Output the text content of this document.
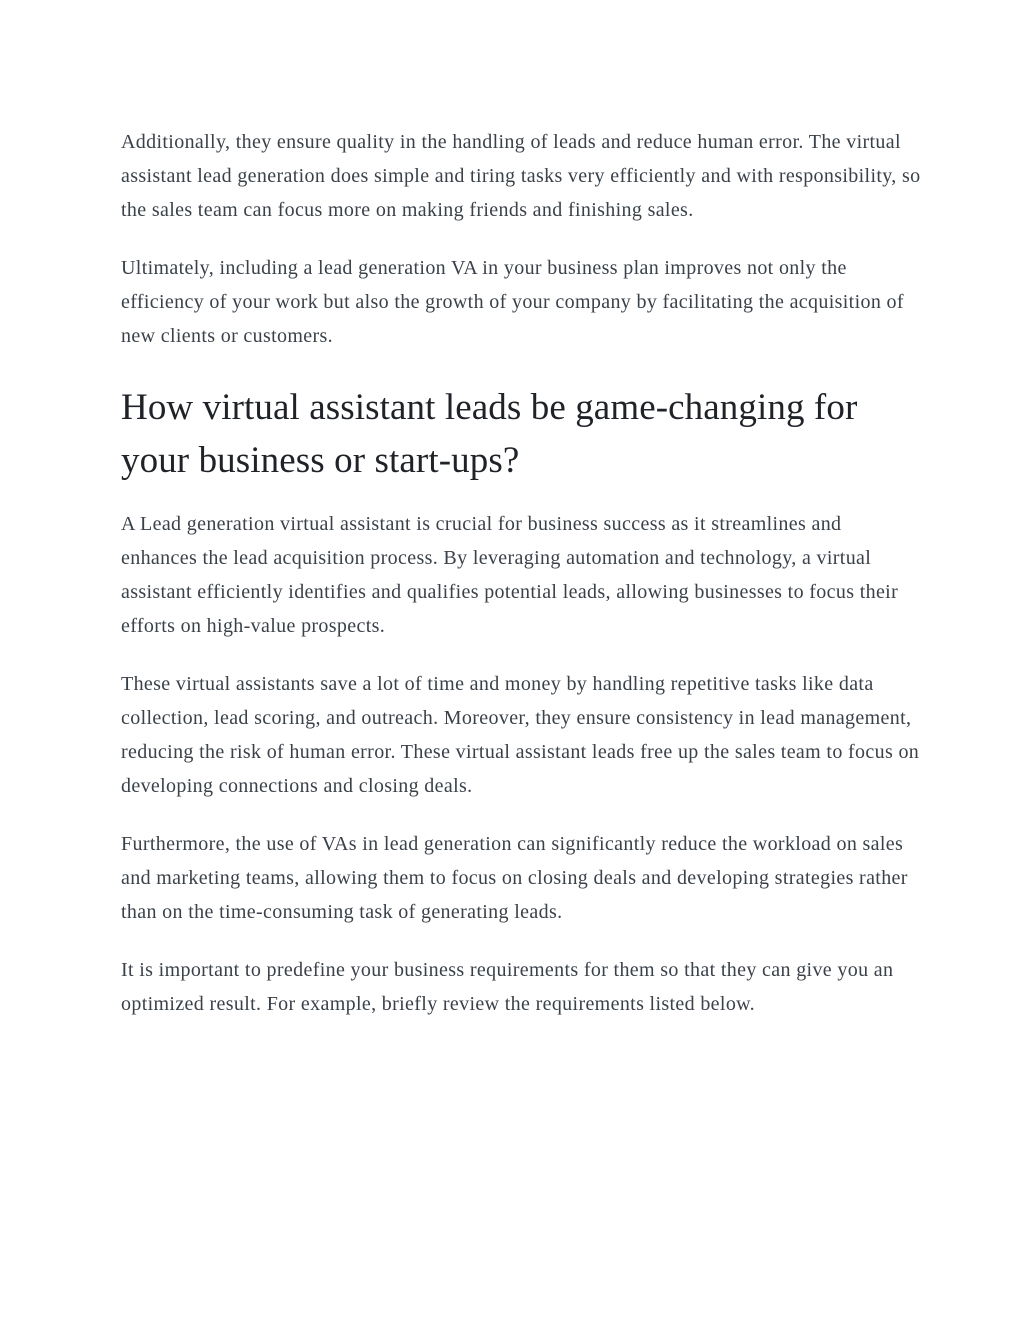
Additionally, they ensure quality in the handling of leads and reduce human error. The virtual assistant lead generation does simple and tiring tasks very efficiently and with responsibility, so the sales team can focus more on making friends and finishing sales.

Ultimately, including a lead generation VA in your business plan improves not only the efficiency of your work but also the growth of your company by facilitating the acquisition of new clients or customers.

How virtual assistant leads be game-changing for your business or start-ups?

A Lead generation virtual assistant is crucial for business success as it streamlines and enhances the lead acquisition process. By leveraging automation and technology, a virtual assistant efficiently identifies and qualifies potential leads, allowing businesses to focus their efforts on high-value prospects.

These virtual assistants save a lot of time and money by handling repetitive tasks like data collection, lead scoring, and outreach. Moreover, they ensure consistency in lead management, reducing the risk of human error. These virtual assistant leads free up the sales team to focus on developing connections and closing deals.

Furthermore, the use of VAs in lead generation can significantly reduce the workload on sales and marketing teams, allowing them to focus on closing deals and developing strategies rather than on the time-consuming task of generating leads.

It is important to predefine your business requirements for them so that they can give you an optimized result. For example, briefly review the requirements listed below.
